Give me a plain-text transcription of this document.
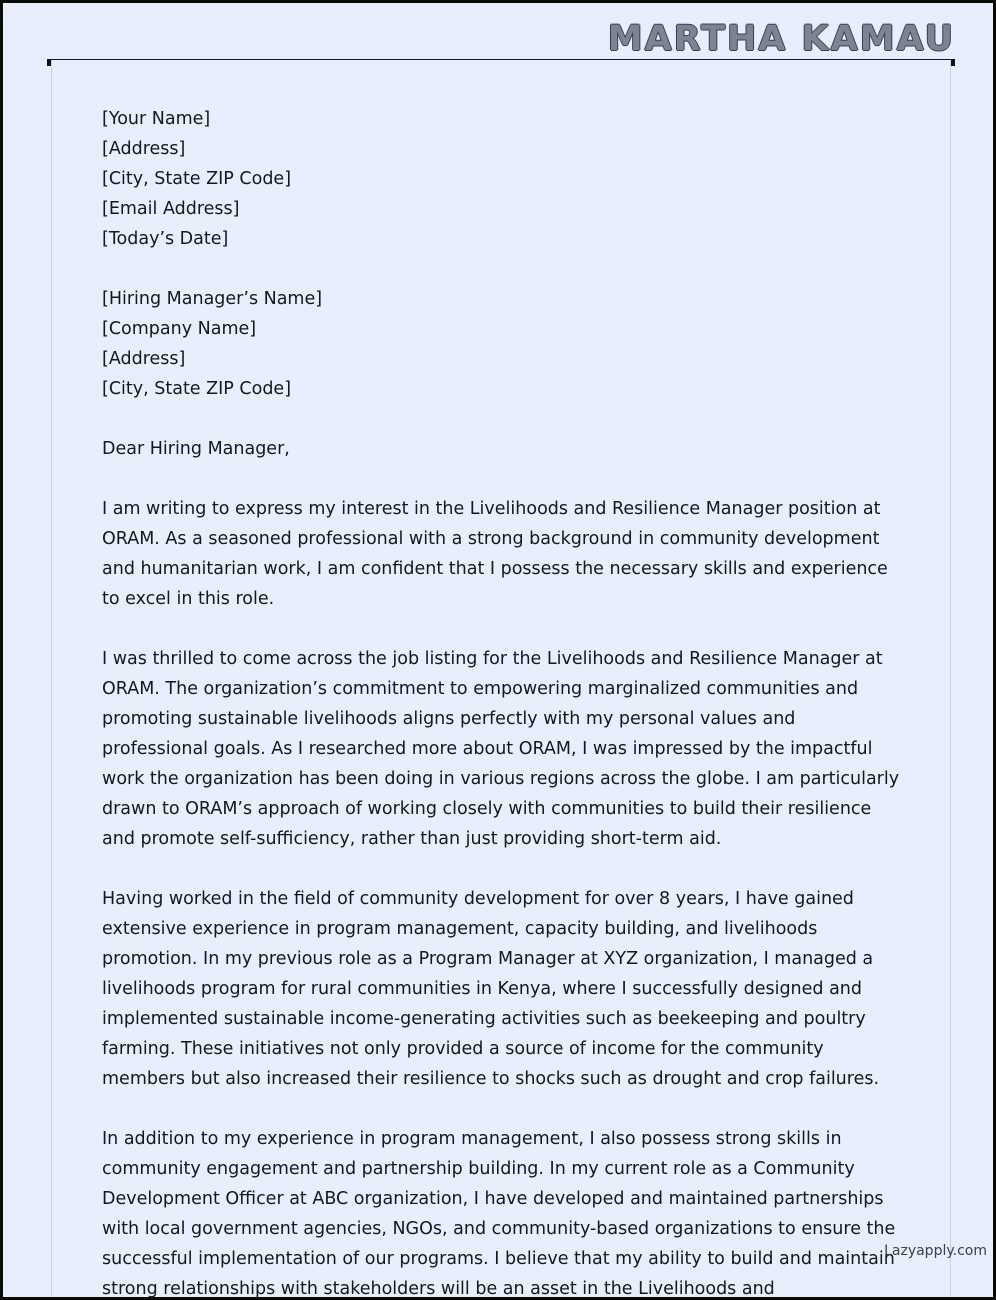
MARTHA KAMAU
[Your Name]
[Address]
[City, State ZIP Code]
[Email Address]
[Today’s Date]
[Hiring Manager’s Name]
[Company Name]
[Address]
[City, State ZIP Code]
Dear Hiring Manager,
I am writing to express my interest in the Livelihoods and Resilience Manager position at ORAM. As a seasoned professional with a strong background in community development and humanitarian work, I am confident that I possess the necessary skills and experience to excel in this role.
I was thrilled to come across the job listing for the Livelihoods and Resilience Manager at ORAM. The organization’s commitment to empowering marginalized communities and promoting sustainable livelihoods aligns perfectly with my personal values and professional goals. As I researched more about ORAM, I was impressed by the impactful work the organization has been doing in various regions across the globe. I am particularly drawn to ORAM’s approach of working closely with communities to build their resilience and promote self-sufficiency, rather than just providing short-term aid.
Having worked in the field of community development for over 8 years, I have gained extensive experience in program management, capacity building, and livelihoods promotion. In my previous role as a Program Manager at XYZ organization, I managed a livelihoods program for rural communities in Kenya, where I successfully designed and implemented sustainable income-generating activities such as beekeeping and poultry farming. These initiatives not only provided a source of income for the community members but also increased their resilience to shocks such as drought and crop failures.
In addition to my experience in program management, I also possess strong skills in community engagement and partnership building. In my current role as a Community Development Officer at ABC organization, I have developed and maintained partnerships with local government agencies, NGOs, and community-based organizations to ensure the successful implementation of our programs. I believe that my ability to build and maintain strong relationships with stakeholders will be an asset in the Livelihoods and
Lazyapply.com
